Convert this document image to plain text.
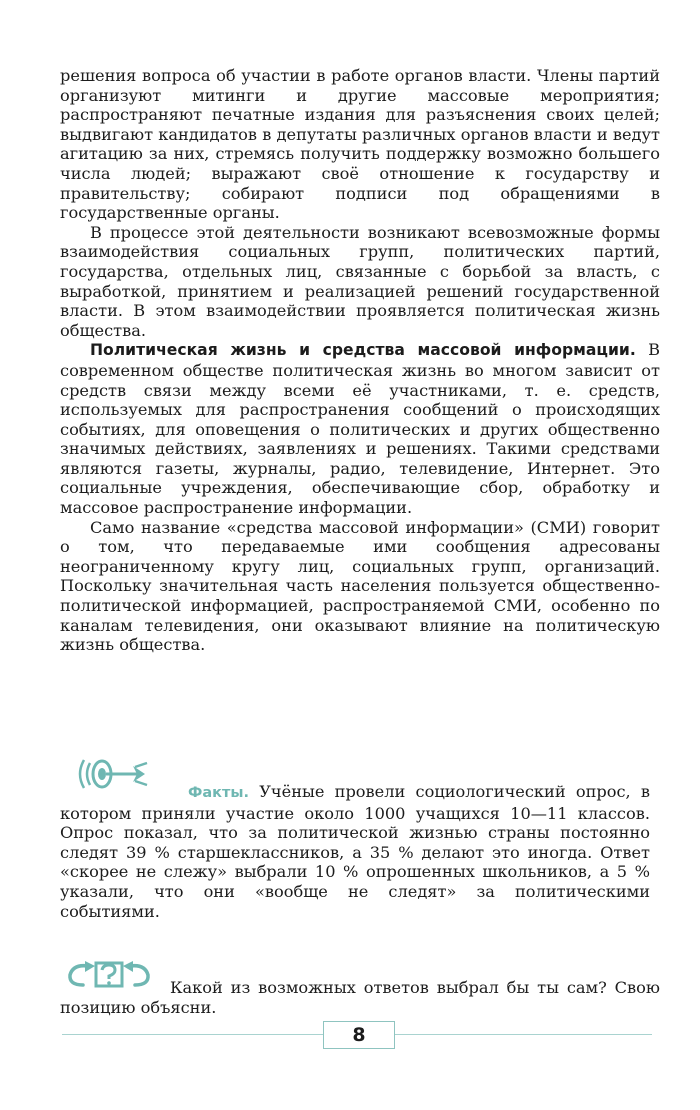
решения вопроса об участии в работе органов власти. Члены партий организуют митинги и другие массовые мероприятия; распространяют печатные издания для разъяснения своих целей; выдвигают кандидатов в депутаты различных органов власти и ведут агитацию за них, стремясь получить поддержку возможно большего числа людей; выражают своё отношение к государству и правительству; собирают подписи под обращениями в государственные органы.

В процессе этой деятельности возникают всевозможные формы взаимодействия социальных групп, политических партий, государства, отдельных лиц, связанные с борьбой за власть, с выработкой, принятием и реализацией решений государственной власти. В этом взаимодействии проявляется политическая жизнь общества.

Политическая жизнь и средства массовой информации. В современном обществе политическая жизнь во многом зависит от средств связи между всеми её участниками, т. е. средств, используемых для распространения сообщений о происходящих событиях, для оповещения о политических и других общественно значимых действиях, заявлениях и решениях. Такими средствами являются газеты, журналы, радио, телевидение, Интернет. Это социальные учреждения, обеспечивающие сбор, обработку и массовое распространение информации.

Само название «средства массовой информации» (СМИ) говорит о том, что передаваемые ими сообщения адресованы неограниченному кругу лиц, социальных групп, организаций. Поскольку значительная часть населения пользуется общественно-политической информацией, распространяемой СМИ, особенно по каналам телевидения, они оказывают влияние на политическую жизнь общества.

Факты. Учёные провели социологический опрос, в котором приняли участие около 1000 учащихся 10—11 классов. Опрос показал, что за политической жизнью страны постоянно следят 39 % старшеклассников, а 35 % делают это иногда. Ответ «скорее не слежу» выбрали 10 % опрошенных школьников, а 5 % указали, что они «вообще не следят» за политическими событиями.

Какой из возможных ответов выбрал бы ты сам? Свою позицию объясни.

8
